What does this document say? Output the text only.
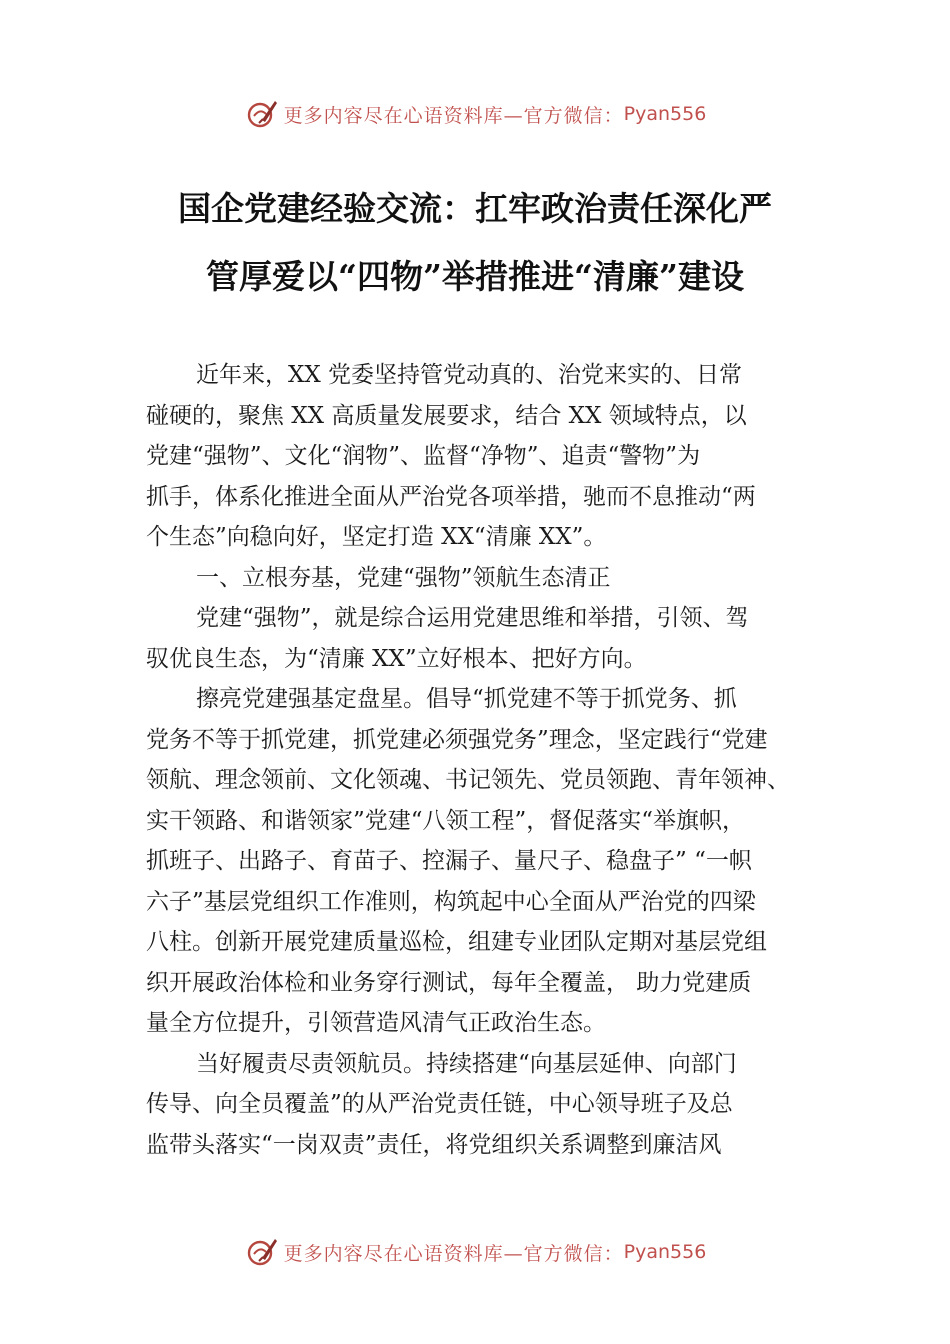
更多内容尽在心语资料库—官方微信： Pyan556
国企党建经验交流：扛牢政治责任深化严
管厚爱以“四物”举措推进“清廉”建设
近年来，XX 党委坚持管党动真的、治党来实的、日常
碰硬的，聚焦 XX 高质量发展要求，结合 XX 领域特点，以
党建“强物”、文化“润物”、监督“净物”、追责“警物”为
抓手，体系化推进全面从严治党各项举措，驰而不息推动“两
个生态”向稳向好，坚定打造 XX“清廉 XX”。
一、立根夯基，党建“强物”领航生态清正
党建“强物”，就是综合运用党建思维和举措，引领、驾
驭优良生态，为“清廉 XX”立好根本、把好方向。
擦亮党建强基定盘星。倡导“抓党建不等于抓党务、抓
党务不等于抓党建，抓党建必须强党务”理念，坚定践行“党建
领航、理念领前、文化领魂、书记领先、党员领跑、青年领神、
实干领路、和谐领家”党建“八领工程”，督促落实“举旗帜，
抓班子、出路子、育苗子、控漏子、量尺子、稳盘子” “一帜
六子”基层党组织工作准则，构筑起中心全面从严治党的四梁
八柱。创新开展党建质量巡检，组建专业团队定期对基层党组
织开展政治体检和业务穿行测试，每年全覆盖， 助力党建质
量全方位提升，引领营造风清气正政治生态。
当好履责尽责领航员。持续搭建“向基层延伸、向部门
传导、向全员覆盖”的从严治党责任链，中心领导班子及总
监带头落实“一岗双责”责任，将党组织关系调整到廉洁风
更多内容尽在心语资料库—官方微信： Pyan556
